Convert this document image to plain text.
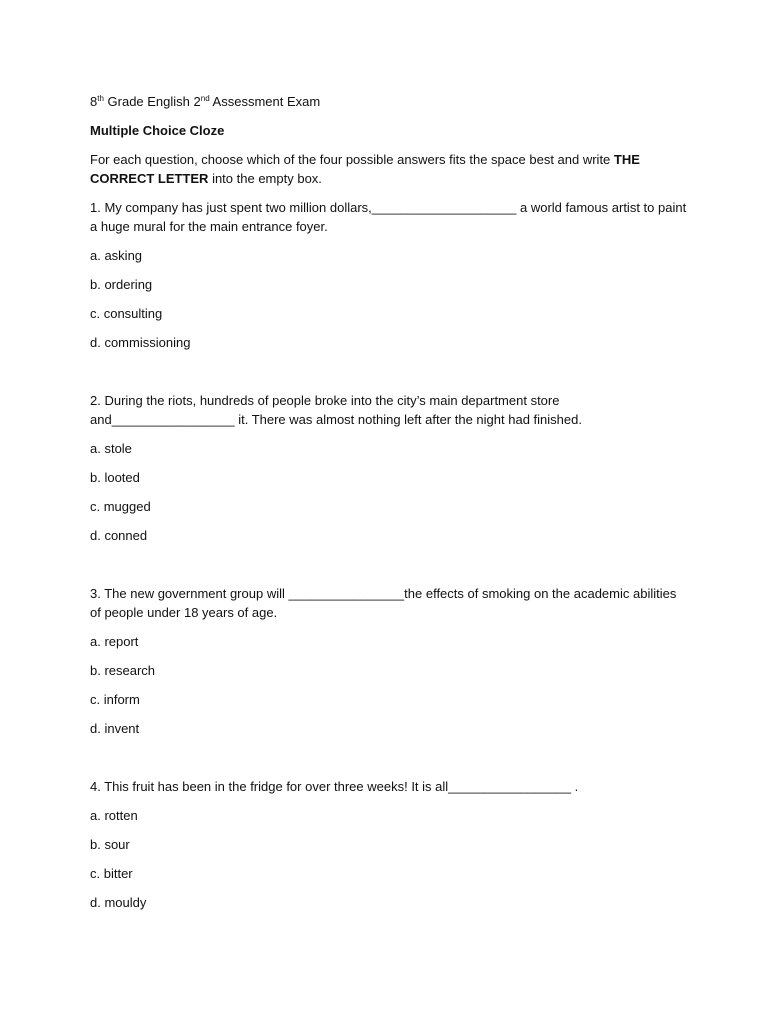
8th Grade English 2nd Assessment Exam

Multiple Choice Cloze

For each question, choose which of the four possible answers fits the space best and write THE CORRECT LETTER into the empty box.

1. My company has just spent two million dollars,____________________ a world famous artist to paint a huge mural for the main entrance foyer.

a. asking

b. ordering

c. consulting

d. commissioning

2. During the riots, hundreds of people broke into the city’s main department store and_________________ it. There was almost nothing left after the night had finished.

a. stole

b. looted

c. mugged

d. conned

3. The new government group will ________________the effects of smoking on the academic abilities of people under 18 years of age.

a. report

b. research

c. inform

d. invent

4. This fruit has been in the fridge for over three weeks! It is all_________________ .

a. rotten

b. sour

c. bitter

d. mouldy
